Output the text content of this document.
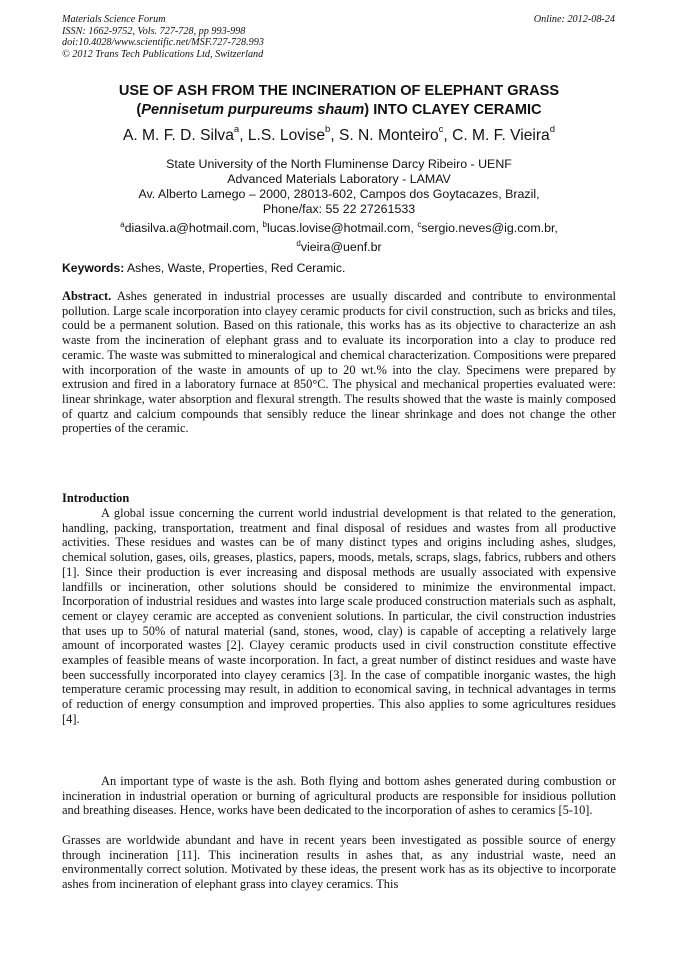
Materials Science Forum
ISSN: 1662-9752, Vols. 727-728, pp 993-998
doi:10.4028/www.scientific.net/MSF.727-728.993
© 2012 Trans Tech Publications Ltd, Switzerland
Online: 2012-08-24
USE OF ASH FROM THE INCINERATION OF ELEPHANT GRASS
(Pennisetum purpureums shaum) INTO CLAYEY CERAMIC
A. M. F. D. Silva$^a$, L.S. Lovise$^b$, S. N. Monteiro$^c$, C. M. F. Vieira$^d$
State University of the North Fluminense Darcy Ribeiro - UENF
Advanced Materials Laboratory - LAMAV
Av. Alberto Lamego – 2000, 28013-602, Campos dos Goytacazes, Brazil,
Phone/fax: 55 22 27261533
$^a$diasilva.a@hotmail.com, $^b$lucas.lovise@hotmail.com, $^c$sergio.neves@ig.com.br,
$^d$vieira@uenf.br
Keywords: Ashes, Waste, Properties, Red Ceramic.
Abstract. Ashes generated in industrial processes are usually discarded and contribute to environmental pollution. Large scale incorporation into clayey ceramic products for civil construction, such as bricks and tiles, could be a permanent solution. Based on this rationale, this works has as its objective to characterize an ash waste from the incineration of elephant grass and to evaluate its incorporation into a clay to produce red ceramic. The waste was submitted to mineralogical and chemical characterization. Compositions were prepared with incorporation of the waste in amounts of up to 20 wt.% into the clay. Specimens were prepared by extrusion and fired in a laboratory furnace at 850°C. The physical and mechanical properties evaluated were: linear shrinkage, water absorption and flexural strength. The results showed that the waste is mainly composed of quartz and calcium compounds that sensibly reduce the linear shrinkage and does not change the other properties of the ceramic.
Introduction
A global issue concerning the current world industrial development is that related to the generation, handling, packing, transportation, treatment and final disposal of residues and wastes from all productive activities. These residues and wastes can be of many distinct types and origins including ashes, sludges, chemical solution, gases, oils, greases, plastics, papers, moods, metals, scraps, slags, fabrics, rubbers and others [1]. Since their production is ever increasing and disposal methods are usually associated with expensive landfills or incineration, other solutions should be considered to minimize the environmental impact. Incorporation of industrial residues and wastes into large scale produced construction materials such as asphalt, cement or clayey ceramic are accepted as convenient solutions. In particular, the civil construction industries that uses up to 50% of natural material (sand, stones, wood, clay) is capable of accepting a relatively large amount of incorporated wastes [2]. Clayey ceramic products used in civil construction constitute effective examples of feasible means of waste incorporation. In fact, a great number of distinct residues and waste have been successfully incorporated into clayey ceramics [3]. In the case of compatible inorganic wastes, the high temperature ceramic processing may result, in addition to economical saving, in technical advantages in terms of reduction of energy consumption and improved properties. This also applies to some agricultures residues [4].
An important type of waste is the ash. Both flying and bottom ashes generated during combustion or incineration in industrial operation or burning of agricultural products are responsible for insidious pollution and breathing diseases. Hence, works have been dedicated to the incorporation of ashes to ceramics [5-10].
Grasses are worldwide abundant and have in recent years been investigated as possible source of energy through incineration [11]. This incineration results in ashes that, as any industrial waste, need an environmentally correct solution. Motivated by these ideas, the present work has as its objective to incorporate ashes from incineration of elephant grass into clayey ceramics. This
